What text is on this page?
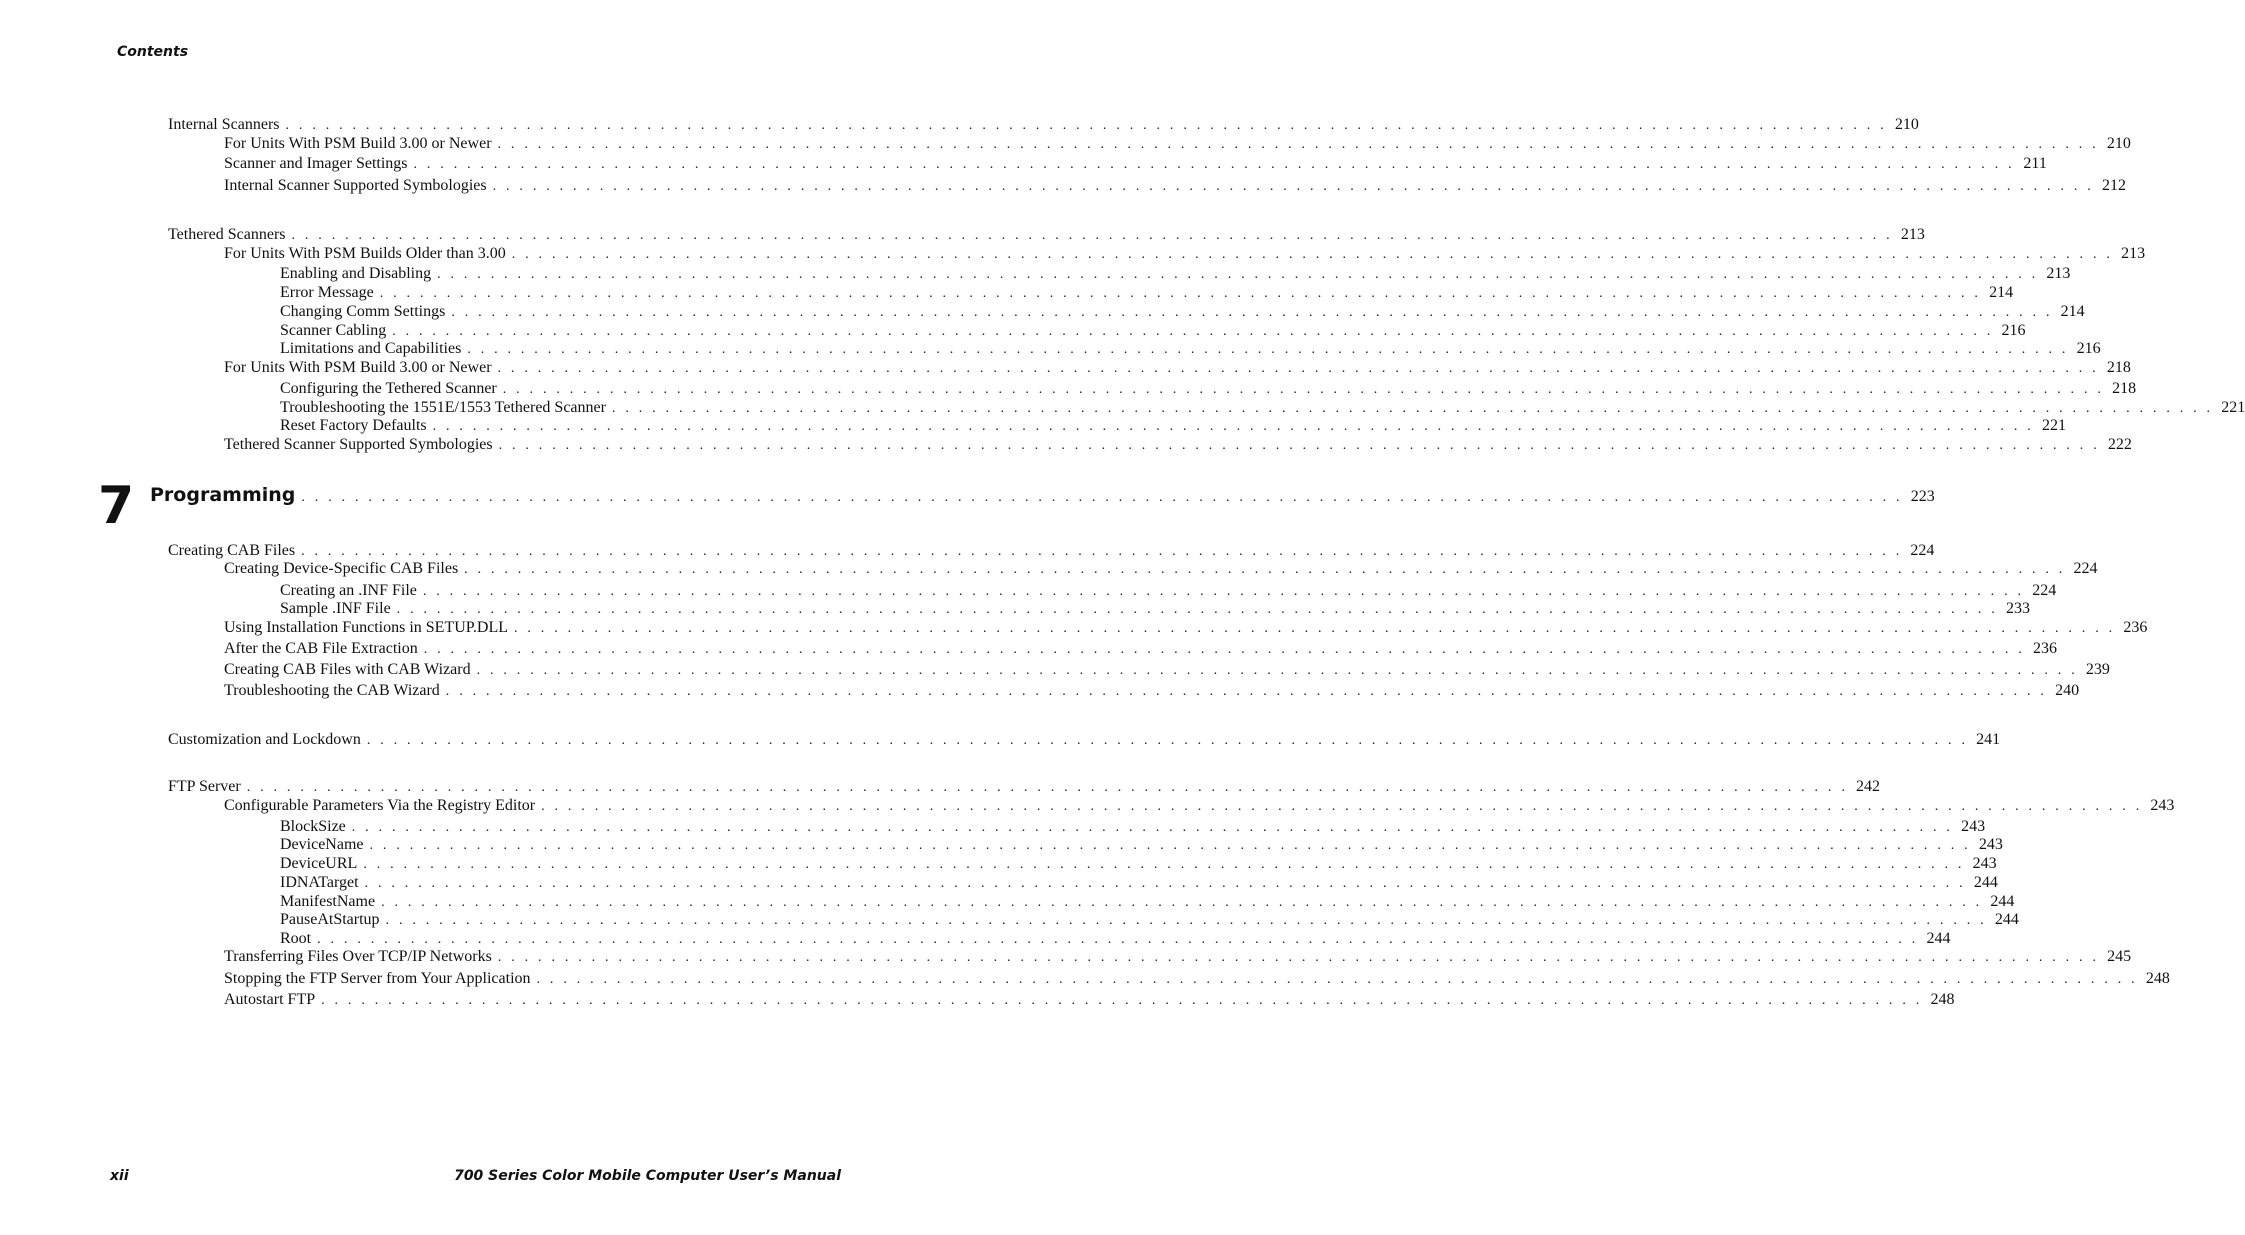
Contents
7
Internal Scanners . . . . . . . . . . . . . . . . . . . . . . . . . . . . . . . . . . . . . . . . . . . . . . . . . . . . . . . . . . . . . . . . . . . . . . . . . . . . . . . . . . . . . . . . . . . . . . . . . . . . . . . . . . . . . . . . . . . . . . . . 210
For Units With PSM Build 3.00 or Newer . . . . . . . . . . . . . . . . . . . . . . . . . . . . . . . . . . . . . . . . . . . . . . . . . . . . . . . . . . . . . . . . . . . . . . . . . . . . . . . . . . . . . . . . . . . . . . . . . . . . . . . . . . . . . . . . . . . . . . . . 210
Scanner and Imager Settings . . . . . . . . . . . . . . . . . . . . . . . . . . . . . . . . . . . . . . . . . . . . . . . . . . . . . . . . . . . . . . . . . . . . . . . . . . . . . . . . . . . . . . . . . . . . . . . . . . . . . . . . . . . . . . . . . . . . . . . . 211
Internal Scanner Supported Symbologies . . . . . . . . . . . . . . . . . . . . . . . . . . . . . . . . . . . . . . . . . . . . . . . . . . . . . . . . . . . . . . . . . . . . . . . . . . . . . . . . . . . . . . . . . . . . . . . . . . . . . . . . . . . . . . . . . . . . . . . . 212
Tethered Scanners . . . . . . . . . . . . . . . . . . . . . . . . . . . . . . . . . . . . . . . . . . . . . . . . . . . . . . . . . . . . . . . . . . . . . . . . . . . . . . . . . . . . . . . . . . . . . . . . . . . . . . . . . . . . . . . . . . . . . . . . 213
For Units With PSM Builds Older than 3.00 . . . . . . . . . . . . . . . . . . . . . . . . . . . . . . . . . . . . . . . . . . . . . . . . . . . . . . . . . . . . . . . . . . . . . . . . . . . . . . . . . . . . . . . . . . . . . . . . . . . . . . . . . . . . . . . . . . . . . . . . 213
Enabling and Disabling . . . . . . . . . . . . . . . . . . . . . . . . . . . . . . . . . . . . . . . . . . . . . . . . . . . . . . . . . . . . . . . . . . . . . . . . . . . . . . . . . . . . . . . . . . . . . . . . . . . . . . . . . . . . . . . . . . . . . . . . 213
Error Message . . . . . . . . . . . . . . . . . . . . . . . . . . . . . . . . . . . . . . . . . . . . . . . . . . . . . . . . . . . . . . . . . . . . . . . . . . . . . . . . . . . . . . . . . . . . . . . . . . . . . . . . . . . . . . . . . . . . . . . . 214
Changing Comm Settings . . . . . . . . . . . . . . . . . . . . . . . . . . . . . . . . . . . . . . . . . . . . . . . . . . . . . . . . . . . . . . . . . . . . . . . . . . . . . . . . . . . . . . . . . . . . . . . . . . . . . . . . . . . . . . . . . . . . . . . . 214
Scanner Cabling . . . . . . . . . . . . . . . . . . . . . . . . . . . . . . . . . . . . . . . . . . . . . . . . . . . . . . . . . . . . . . . . . . . . . . . . . . . . . . . . . . . . . . . . . . . . . . . . . . . . . . . . . . . . . . . . . . . . . . . . 216
Limitations and Capabilities . . . . . . . . . . . . . . . . . . . . . . . . . . . . . . . . . . . . . . . . . . . . . . . . . . . . . . . . . . . . . . . . . . . . . . . . . . . . . . . . . . . . . . . . . . . . . . . . . . . . . . . . . . . . . . . . . . . . . . . . 216
For Units With PSM Build 3.00 or Newer . . . . . . . . . . . . . . . . . . . . . . . . . . . . . . . . . . . . . . . . . . . . . . . . . . . . . . . . . . . . . . . . . . . . . . . . . . . . . . . . . . . . . . . . . . . . . . . . . . . . . . . . . . . . . . . . . . . . . . . . 218
Configuring the Tethered Scanner . . . . . . . . . . . . . . . . . . . . . . . . . . . . . . . . . . . . . . . . . . . . . . . . . . . . . . . . . . . . . . . . . . . . . . . . . . . . . . . . . . . . . . . . . . . . . . . . . . . . . . . . . . . . . . . . . . . . . . . . 218
Troubleshooting the 1551E/1553 Tethered Scanner . . . . . . . . . . . . . . . . . . . . . . . . . . . . . . . . . . . . . . . . . . . . . . . . . . . . . . . . . . . . . . . . . . . . . . . . . . . . . . . . . . . . . . . . . . . . . . . . . . . . . . . . . . . . . . . . . . . . . . . . 221
Reset Factory Defaults . . . . . . . . . . . . . . . . . . . . . . . . . . . . . . . . . . . . . . . . . . . . . . . . . . . . . . . . . . . . . . . . . . . . . . . . . . . . . . . . . . . . . . . . . . . . . . . . . . . . . . . . . . . . . . . . . . . . . . . . 221
Tethered Scanner Supported Symbologies . . . . . . . . . . . . . . . . . . . . . . . . . . . . . . . . . . . . . . . . . . . . . . . . . . . . . . . . . . . . . . . . . . . . . . . . . . . . . . . . . . . . . . . . . . . . . . . . . . . . . . . . . . . . . . . . . . . . . . . . 222
Programming . . . . . . . . . . . . . . . . . . . . . . . . . . . . . . . . . . . . . . . . . . . . . . . . . . . . . . . . . . . . . . . . . . . . . . . . . . . . . . . . . . . . . . . . . . . . . . . . . . . . . . . . . . . . . . . . . . . . . . . . 223
Creating CAB Files . . . . . . . . . . . . . . . . . . . . . . . . . . . . . . . . . . . . . . . . . . . . . . . . . . . . . . . . . . . . . . . . . . . . . . . . . . . . . . . . . . . . . . . . . . . . . . . . . . . . . . . . . . . . . . . . . . . . . . . . 224
Creating Device-Specific CAB Files . . . . . . . . . . . . . . . . . . . . . . . . . . . . . . . . . . . . . . . . . . . . . . . . . . . . . . . . . . . . . . . . . . . . . . . . . . . . . . . . . . . . . . . . . . . . . . . . . . . . . . . . . . . . . . . . . . . . . . . . 224
Creating an .INF File . . . . . . . . . . . . . . . . . . . . . . . . . . . . . . . . . . . . . . . . . . . . . . . . . . . . . . . . . . . . . . . . . . . . . . . . . . . . . . . . . . . . . . . . . . . . . . . . . . . . . . . . . . . . . . . . . . . . . . . . 224
Sample .INF File . . . . . . . . . . . . . . . . . . . . . . . . . . . . . . . . . . . . . . . . . . . . . . . . . . . . . . . . . . . . . . . . . . . . . . . . . . . . . . . . . . . . . . . . . . . . . . . . . . . . . . . . . . . . . . . . . . . . . . . . 233
Using Installation Functions in SETUP.DLL . . . . . . . . . . . . . . . . . . . . . . . . . . . . . . . . . . . . . . . . . . . . . . . . . . . . . . . . . . . . . . . . . . . . . . . . . . . . . . . . . . . . . . . . . . . . . . . . . . . . . . . . . . . . . . . . . . . . . . . . 236
After the CAB File Extraction . . . . . . . . . . . . . . . . . . . . . . . . . . . . . . . . . . . . . . . . . . . . . . . . . . . . . . . . . . . . . . . . . . . . . . . . . . . . . . . . . . . . . . . . . . . . . . . . . . . . . . . . . . . . . . . . . . . . . . . . 236
Creating CAB Files with CAB Wizard . . . . . . . . . . . . . . . . . . . . . . . . . . . . . . . . . . . . . . . . . . . . . . . . . . . . . . . . . . . . . . . . . . . . . . . . . . . . . . . . . . . . . . . . . . . . . . . . . . . . . . . . . . . . . . . . . . . . . . . . 239
Troubleshooting the CAB Wizard . . . . . . . . . . . . . . . . . . . . . . . . . . . . . . . . . . . . . . . . . . . . . . . . . . . . . . . . . . . . . . . . . . . . . . . . . . . . . . . . . . . . . . . . . . . . . . . . . . . . . . . . . . . . . . . . . . . . . . . . 240
Customization and Lockdown . . . . . . . . . . . . . . . . . . . . . . . . . . . . . . . . . . . . . . . . . . . . . . . . . . . . . . . . . . . . . . . . . . . . . . . . . . . . . . . . . . . . . . . . . . . . . . . . . . . . . . . . . . . . . . . . . . . . . . . . 241
FTP Server . . . . . . . . . . . . . . . . . . . . . . . . . . . . . . . . . . . . . . . . . . . . . . . . . . . . . . . . . . . . . . . . . . . . . . . . . . . . . . . . . . . . . . . . . . . . . . . . . . . . . . . . . . . . . . . . . . . . . . . . 242
Configurable Parameters Via the Registry Editor . . . . . . . . . . . . . . . . . . . . . . . . . . . . . . . . . . . . . . . . . . . . . . . . . . . . . . . . . . . . . . . . . . . . . . . . . . . . . . . . . . . . . . . . . . . . . . . . . . . . . . . . . . . . . . . . . . . . . . . . 243
BlockSize . . . . . . . . . . . . . . . . . . . . . . . . . . . . . . . . . . . . . . . . . . . . . . . . . . . . . . . . . . . . . . . . . . . . . . . . . . . . . . . . . . . . . . . . . . . . . . . . . . . . . . . . . . . . . . . . . . . . . . . . 243
DeviceName . . . . . . . . . . . . . . . . . . . . . . . . . . . . . . . . . . . . . . . . . . . . . . . . . . . . . . . . . . . . . . . . . . . . . . . . . . . . . . . . . . . . . . . . . . . . . . . . . . . . . . . . . . . . . . . . . . . . . . . . 243
DeviceURL . . . . . . . . . . . . . . . . . . . . . . . . . . . . . . . . . . . . . . . . . . . . . . . . . . . . . . . . . . . . . . . . . . . . . . . . . . . . . . . . . . . . . . . . . . . . . . . . . . . . . . . . . . . . . . . . . . . . . . . . 243
IDNATarget . . . . . . . . . . . . . . . . . . . . . . . . . . . . . . . . . . . . . . . . . . . . . . . . . . . . . . . . . . . . . . . . . . . . . . . . . . . . . . . . . . . . . . . . . . . . . . . . . . . . . . . . . . . . . . . . . . . . . . . . 244
ManifestName . . . . . . . . . . . . . . . . . . . . . . . . . . . . . . . . . . . . . . . . . . . . . . . . . . . . . . . . . . . . . . . . . . . . . . . . . . . . . . . . . . . . . . . . . . . . . . . . . . . . . . . . . . . . . . . . . . . . . . . . 244
PauseAtStartup . . . . . . . . . . . . . . . . . . . . . . . . . . . . . . . . . . . . . . . . . . . . . . . . . . . . . . . . . . . . . . . . . . . . . . . . . . . . . . . . . . . . . . . . . . . . . . . . . . . . . . . . . . . . . . . . . . . . . . . . 244
Root . . . . . . . . . . . . . . . . . . . . . . . . . . . . . . . . . . . . . . . . . . . . . . . . . . . . . . . . . . . . . . . . . . . . . . . . . . . . . . . . . . . . . . . . . . . . . . . . . . . . . . . . . . . . . . . . . . . . . . . . 244
Transferring Files Over TCP/IP Networks . . . . . . . . . . . . . . . . . . . . . . . . . . . . . . . . . . . . . . . . . . . . . . . . . . . . . . . . . . . . . . . . . . . . . . . . . . . . . . . . . . . . . . . . . . . . . . . . . . . . . . . . . . . . . . . . . . . . . . . . 245
Stopping the FTP Server from Your Application . . . . . . . . . . . . . . . . . . . . . . . . . . . . . . . . . . . . . . . . . . . . . . . . . . . . . . . . . . . . . . . . . . . . . . . . . . . . . . . . . . . . . . . . . . . . . . . . . . . . . . . . . . . . . . . . . . . . . . . . 248
Autostart FTP . . . . . . . . . . . . . . . . . . . . . . . . . . . . . . . . . . . . . . . . . . . . . . . . . . . . . . . . . . . . . . . . . . . . . . . . . . . . . . . . . . . . . . . . . . . . . . . . . . . . . . . . . . . . . . . . . . . . . . . . 248
xii	700 Series Color Mobile Computer User’s Manual
